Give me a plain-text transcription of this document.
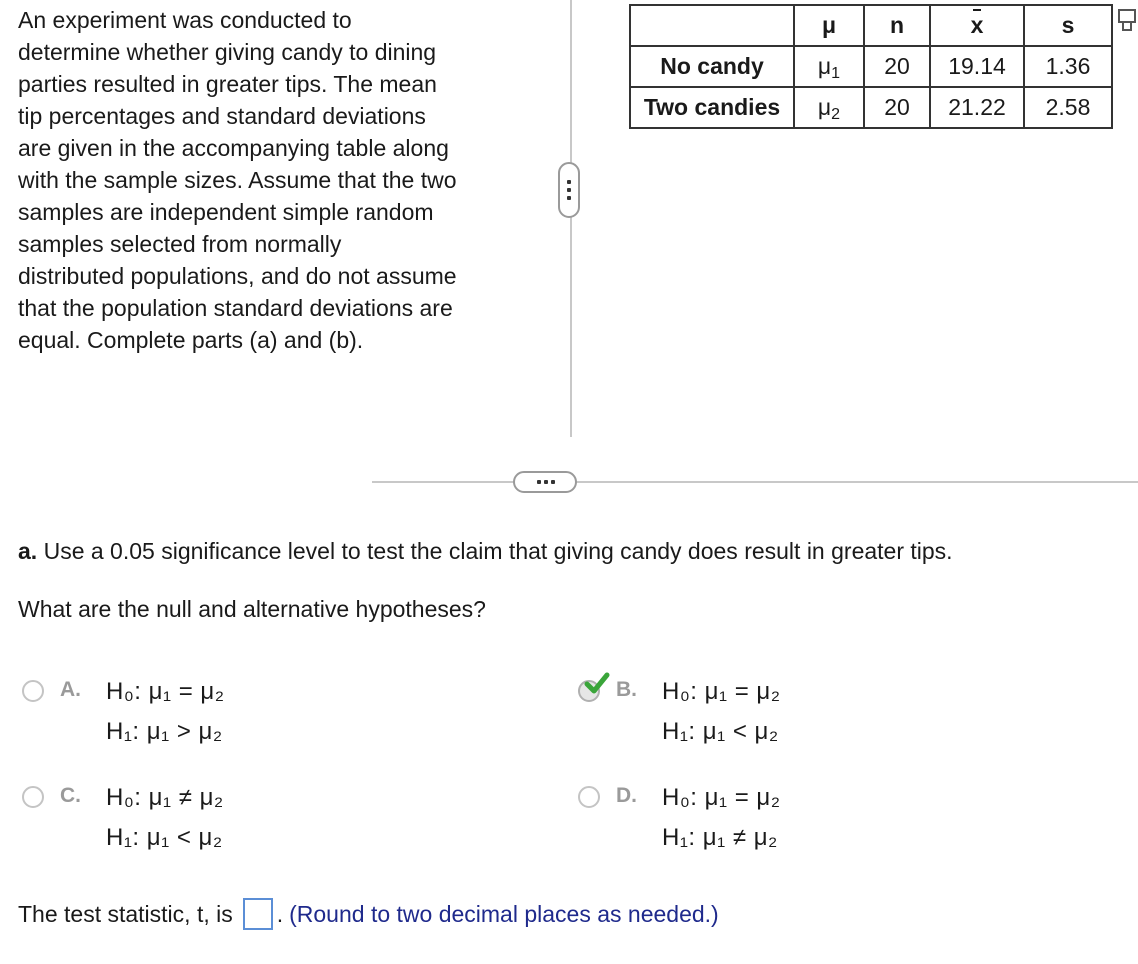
An experiment was conducted to
determine whether giving candy to dining
parties resulted in greater tips. The mean
tip percentages and standard deviations
are given in the accompanying table along
with the sample sizes. Assume that the two
samples are independent simple random
samples selected from normally
distributed populations, and do not assume
that the population standard deviations are
equal. Complete parts (a) and (b).
	μ	n	x	s
No candy	μ1	20	19.14	1.36
Two candies	μ2	20	21.22	2.58
a. Use a 0.05 significance level to test the claim that giving candy does result in greater tips.
What are the null and alternative hypotheses?
A. H₀: μ₁ = μ₂
H₁: μ₁ > μ₂
B. H₀: μ₁ = μ₂
H₁: μ₁ < μ₂
C. H₀: μ₁ ≠ μ₂
H₁: μ₁ < μ₂
D. H₀: μ₁ = μ₂
H₁: μ₁ ≠ μ₂
The test statistic, t, is . (Round to two decimal places as needed.)
